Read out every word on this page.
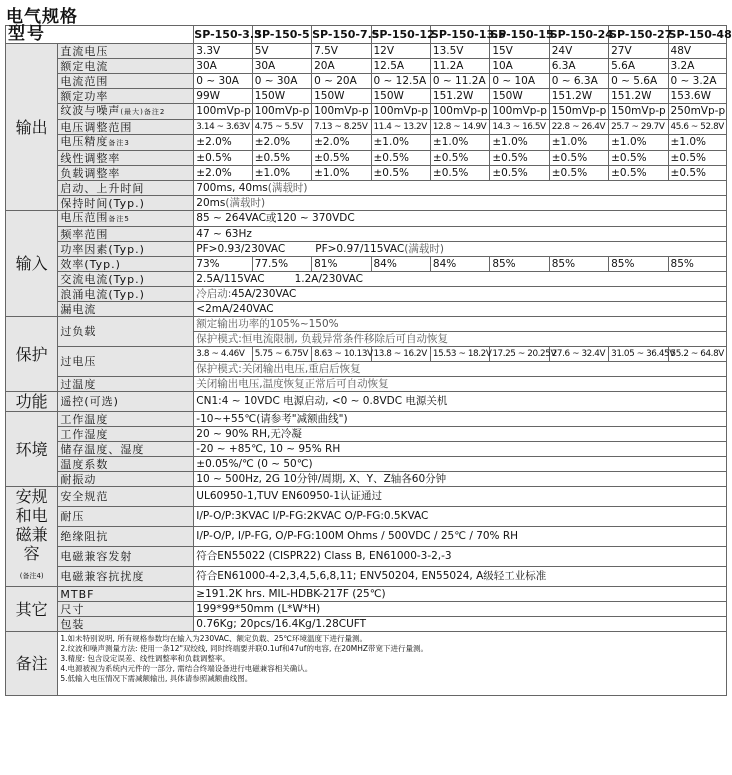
电气规格
型号		SP-150-3.3	SP-150-5	SP-150-7.5	SP-150-12	SP-150-13.5	SP-150-15	SP-150-24	SP-150-27	SP-150-48
输出	直流电压	3.3V	5V	7.5V	12V	13.5V	15V	24V	27V	48V
	额定电流	30A	30A	20A	12.5A	11.2A	10A	6.3A	5.6A	3.2A
	电流范围	0 ~ 30A	0 ~ 30A	0 ~ 20A	0 ~ 12.5A	0 ~ 11.2A	0 ~ 10A	0 ~ 6.3A	0 ~ 5.6A	0 ~ 3.2A
	额定功率	99W	150W	150W	150W	151.2W	150W	151.2W	151.2W	153.6W
	纹波与噪声(最大)备注2	100mVp-p	100mVp-p	100mVp-p	100mVp-p	100mVp-p	100mVp-p	150mVp-p	150mVp-p	250mVp-p
	电压调整范围	3.14 ~ 3.63V	4.75 ~ 5.5V	7.13 ~ 8.25V	11.4 ~ 13.2V	12.8 ~ 14.9V	14.3 ~ 16.5V	22.8 ~ 26.4V	25.7 ~ 29.7V	45.6 ~ 52.8V
	电压精度备注3	±2.0%	±2.0%	±2.0%	±1.0%	±1.0%	±1.0%	±1.0%	±1.0%	±1.0%
	线性调整率	±0.5%	±0.5%	±0.5%	±0.5%	±0.5%	±0.5%	±0.5%	±0.5%	±0.5%
	负载调整率	±2.0%	±1.0%	±1.0%	±0.5%	±0.5%	±0.5%	±0.5%	±0.5%	±0.5%
	启动、上升时间	700ms, 40ms(满载时)								
	保持时间(Typ.)	20ms(满载时)								
输入	电压范围备注5	85 ~ 264VAC或120 ~ 370VDC								
	频率范围	47 ~ 63Hz								
	功率因素(Typ.)	PF>0.93/230VAC PF>0.97/115VAC(满载时)								
	效率(Typ.)	73%	77.5%	81%	84%	84%	85%	85%	85%	85%
	交流电流(Typ.)	2.5A/115VAC 1.2A/230VAC								
	浪涌电流(Typ.)	冷启动:45A/230VAC								
	漏电流	<2mA/240VAC								
保护	过负载	额定输出功率的105%~150%								
		保护模式:恒电流限制, 负载异常条件移除后可自动恢复								
	过电压	3.8 ~ 4.46V	5.75 ~ 6.75V	8.63 ~ 10.13V	13.8 ~ 16.2V	15.53 ~ 18.2V	17.25 ~ 20.25V	27.6 ~ 32.4V	31.05 ~ 36.45V	55.2 ~ 64.8V
		保护模式:关闭输出电压,重启后恢复								
	过温度	关闭输出电压,温度恢复正常后可自动恢复								
功能	遥控(可选)	CN1:4 ~ 10VDC 电源启动, <0 ~ 0.8VDC 电源关机								
环境	工作温度	-10~+55℃(请参考"减额曲线")								
	工作湿度	20 ~ 90% RH,无冷凝								
	储存温度、湿度	-20 ~ +85℃, 10 ~ 95% RH								
	温度系数	±0.05%/℃ (0 ~ 50℃)								
	耐振动	10 ~ 500Hz, 2G 10分钟/周期, X、Y、Z轴各60分钟								
安规和电磁兼容
(备注4)	安全规范	UL60950-1,TUV EN60950-1认证通过								
	耐压	I/P-O/P:3KVAC I/P-FG:2KVAC O/P-FG:0.5KVAC								
	绝缘阻抗	I/P-O/P, I/P-FG, O/P-FG:100M Ohms / 500VDC / 25℃ / 70% RH								
	电磁兼容发射	符合EN55022 (CISPR22) Class B, EN61000-3-2,-3								
	电磁兼容抗扰度	符合EN61000-4-2,3,4,5,6,8,11; ENV50204, EN55024, A级轻工业标准								
其它	MTBF	≥191.2K hrs. MIL-HDBK-217F (25℃)								
	尺寸	199*99*50mm (L*W*H)								
	包装	0.76Kg; 20pcs/16.4Kg/1.28CUFT								
备注	1.如未特别说明, 所有规格参数均在输入为230VAC、额定负载、25℃环境温度下进行量测。
2.纹波和噪声测量方法: 使用一条12"双绞线, 同时终端要并联0.1uf和47uf的电容, 在20MHZ带宽下进行量测。
3.精度: 包含设定误差、线性调整率和负载调整率。
4.电源被视为系统内元件的一部分, 需结合终端设备进行电磁兼容相关确认。
5.低输入电压情况下需减额输出, 具体请参照减额曲线图。									
